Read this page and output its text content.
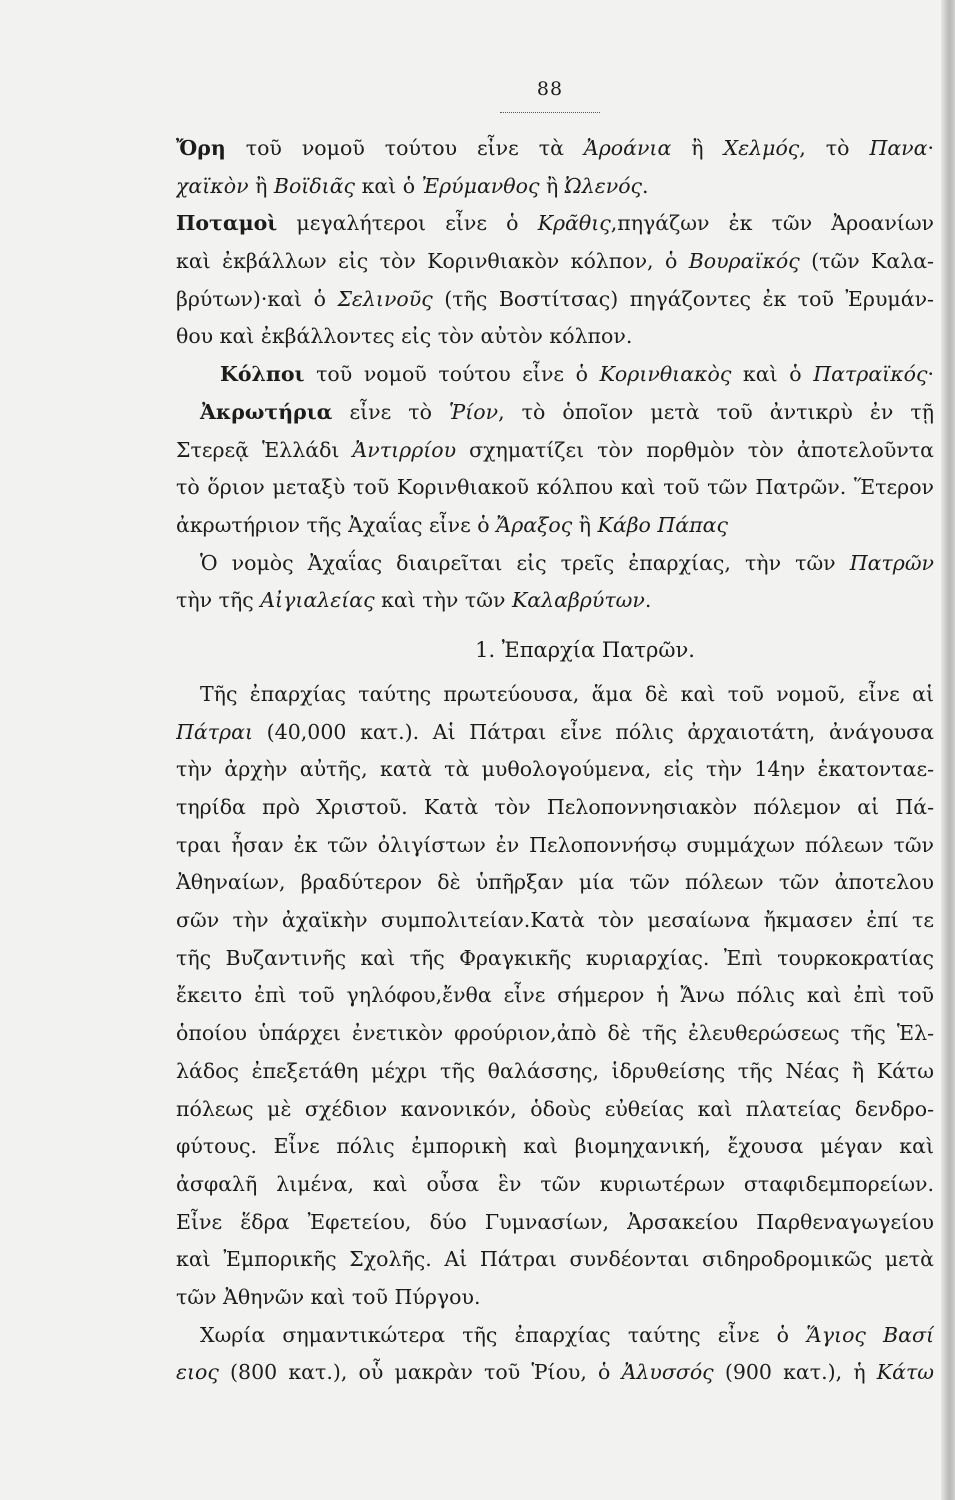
88
Ὄρη τοῦ νομοῦ τούτου εἶνε τὰ Ἀροάνια ἢ Χελμός, τὸ Πανα·
χαϊκὸν ἢ Βοϊδιᾶς καὶ ὁ Ἐρύμανθος ἢ Ὠλενός.
Ποταμοὶ μεγαλήτεροι εἶνε ὁ Κρᾶθις,πηγάζων ἐκ τῶν Ἀροανίων
καὶ ἐκβάλλων εἰς τὸν Κορινθιακὸν κόλπον, ὁ Βουραϊκός (τῶν Καλα-
βρύτων)·καὶ ὁ Σελινοῦς (τῆς Βοστίτσας) πηγάζοντες ἐκ τοῦ Ἐρυμάν-
θου καὶ ἐκβάλλοντες εἰς τὸν αὐτὸν κόλπον.
Κόλποι τοῦ νομοῦ τούτου εἶνε ὁ Κορινθιακὸς καὶ ὁ Πατραϊκός·
Ἀκρωτήρια εἶνε τὸ Ῥίον, τὸ ὁποῖον μετὰ τοῦ ἀντικρὺ ἐν τῇ
Στερεᾷ Ἑλλάδι Ἀντιρρίου σχηματίζει τὸν πορθμὸν τὸν ἀποτελοῦντα
τὸ ὅριον μεταξὺ τοῦ Κορινθιακοῦ κόλπου καὶ τοῦ τῶν Πατρῶν. Ἕτερον
ἀκρωτήριον τῆς Ἀχαΐας εἶνε ὁ Ἄραξος ἢ Κάβο Πάπας
Ὁ νομὸς Ἀχαΐας διαιρεῖται εἰς τρεῖς ἐπαρχίας, τὴν τῶν Πατρῶν
τὴν τῆς Αἰγιαλείας καὶ τὴν τῶν Καλαβρύτων.
1. Ἐπαρχία Πατρῶν.
Τῆς ἐπαρχίας ταύτης πρωτεύουσα, ἅμα δὲ καὶ τοῦ νομοῦ, εἶνε αἱ
Πάτραι (40,000 κατ.). Αἱ Πάτραι εἶνε πόλις ἀρχαιοτάτη, ἀνάγουσα
τὴν ἀρχὴν αὐτῆς, κατὰ τὰ μυθολογούμενα, εἰς τὴν 14ην ἑκατονταε-
τηρίδα πρὸ Χριστοῦ. Κατὰ τὸν Πελοποννησιακὸν πόλεμον αἱ Πά-
τραι ἦσαν ἐκ τῶν ὀλιγίστων ἐν Πελοποννήσῳ συμμάχων πόλεων τῶν
Ἀθηναίων, βραδύτερον δὲ ὑπῆρξαν μία τῶν πόλεων τῶν ἀποτελου
σῶν τὴν ἀχαϊκὴν συμπολιτείαν.Κατὰ τὸν μεσαίωνα ἤκμασεν ἐπί τε
τῆς Βυζαντινῆς καὶ τῆς Φραγκικῆς κυριαρχίας. Ἐπὶ τουρκοκρατίας
ἔκειτο ἐπὶ τοῦ γηλόφου,ἔνθα εἶνε σήμερον ἡ Ἄνω πόλις καὶ ἐπὶ τοῦ
ὁποίου ὑπάρχει ἐνετικὸν φρούριον,ἀπὸ δὲ τῆς ἐλευθερώσεως τῆς Ἑλ-
λάδος ἐπεξετάθη μέχρι τῆς θαλάσσης, ἱδρυθείσης τῆς Νέας ἢ Κάτω
πόλεως μὲ σχέδιον κανονικόν, ὁδοὺς εὐθείας καὶ πλατείας δενδρο-
φύτους. Εἶνε πόλις ἐμπορικὴ καὶ βιομηχανική, ἔχουσα μέγαν καὶ
ἀσφαλῆ λιμένα, καὶ οὖσα ἓν τῶν κυριωτέρων σταφιδεμπορείων.
Εἶνε ἕδρα Ἐφετείου, δύο Γυμνασίων, Ἀρσακείου Παρθεναγωγείου
καὶ Ἐμπορικῆς Σχολῆς. Αἱ Πάτραι συνδέονται σιδηροδρομικῶς μετὰ
τῶν Ἀθηνῶν καὶ τοῦ Πύργου.
Χωρία σημαντικώτερα τῆς ἐπαρχίας ταύτης εἶνε ὁ Ἅγιος Βασί
ειος (800 κατ.), οὗ μακρὰν τοῦ Ῥίου, ὁ Ἀλυσσός (900 κατ.), ἡ Κάτω
